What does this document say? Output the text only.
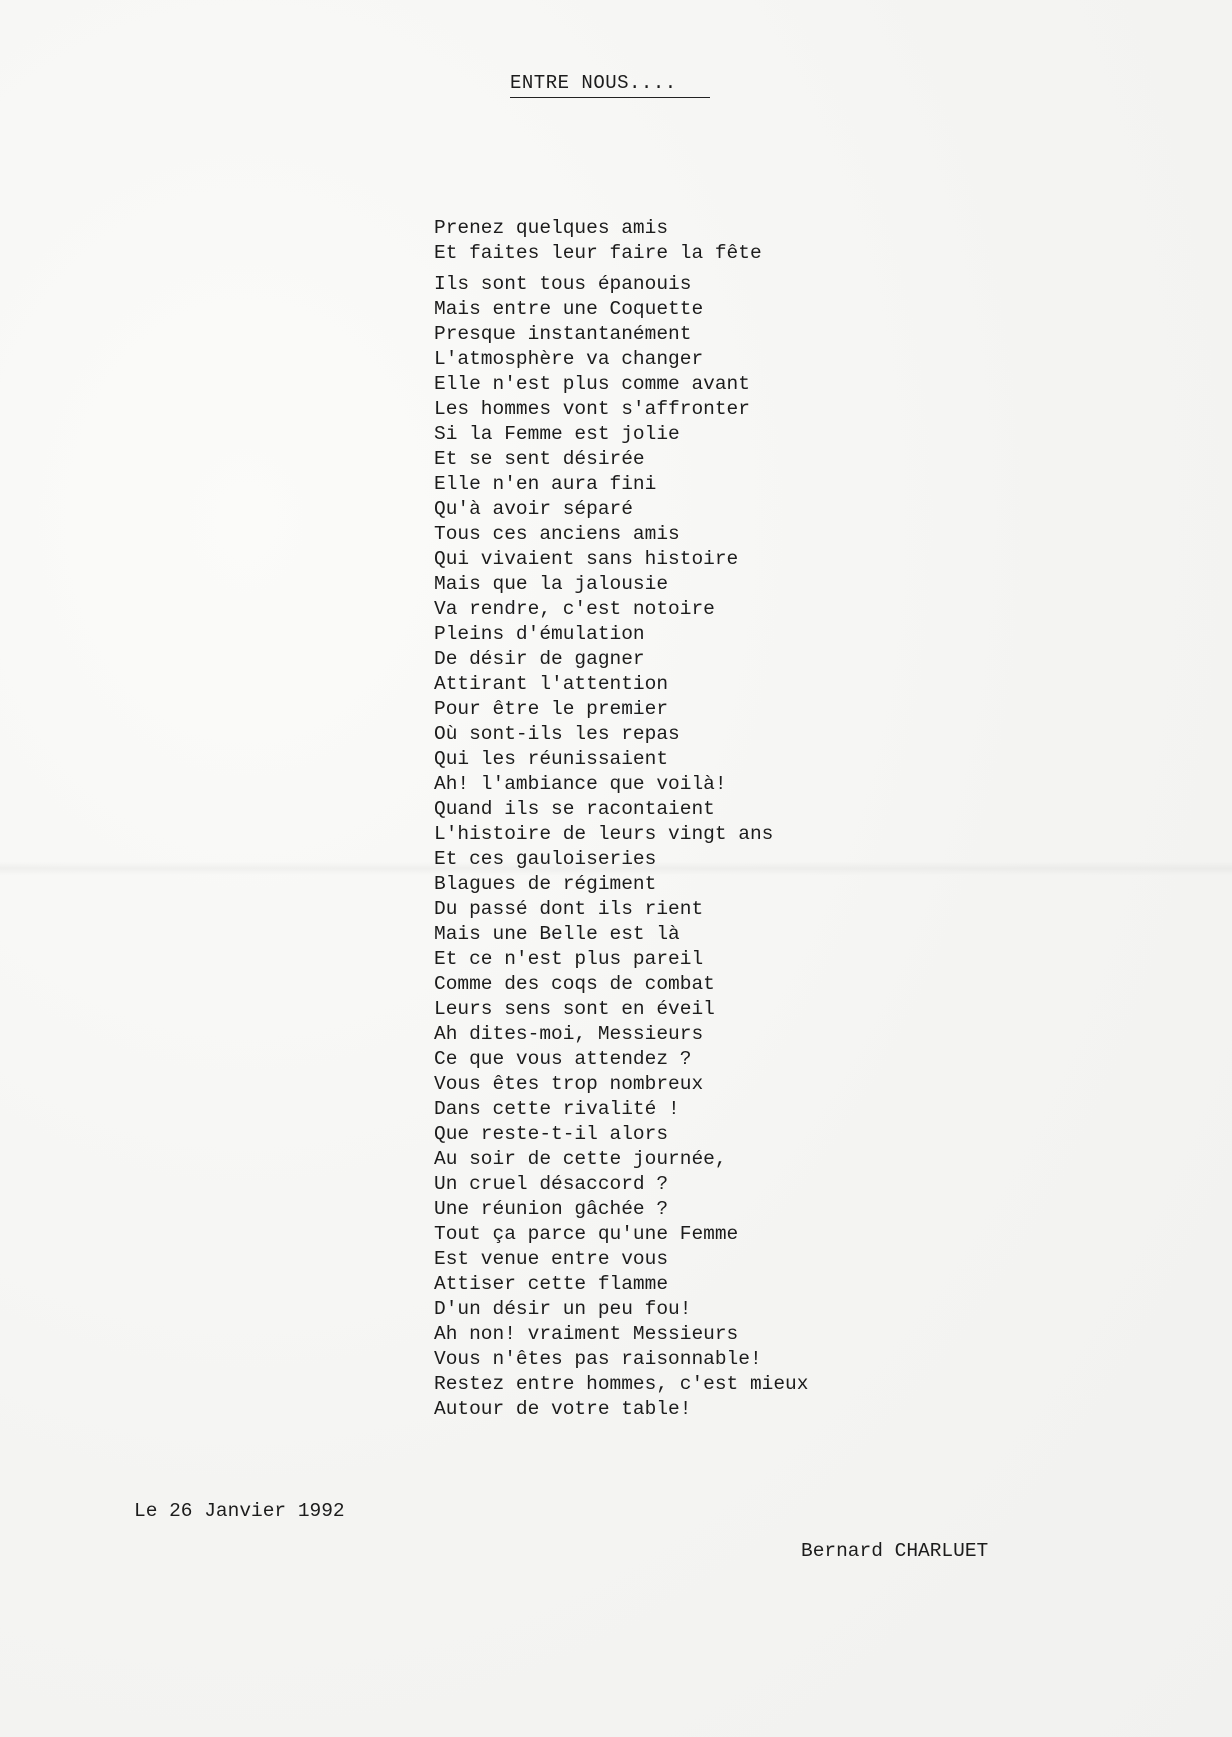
ENTRE NOUS....
Prenez quelques amis
Et faites leur faire la fête
Ils sont tous épanouis
Mais entre une Coquette
Presque instantanément
L'atmosphère va changer
Elle n'est plus comme avant
Les hommes vont s'affronter
Si la Femme est jolie
Et se sent désirée
Elle n'en aura fini
Qu'à avoir séparé
Tous ces anciens amis
Qui vivaient sans histoire
Mais que la jalousie
Va rendre, c'est notoire
Pleins d'émulation
De désir de gagner
Attirant l'attention
Pour être le premier
Où sont-ils les repas
Qui les réunissaient
Ah! l'ambiance que voilà!
Quand ils se racontaient
L'histoire de leurs vingt ans
Et ces gauloiseries
Blagues de régiment
Du passé dont ils rient
Mais une Belle est là
Et ce n'est plus pareil
Comme des coqs de combat
Leurs sens sont en éveil
Ah dites-moi, Messieurs
Ce que vous attendez ?
Vous êtes trop nombreux
Dans cette rivalité !
Que reste-t-il alors
Au soir de cette journée,
Un cruel désaccord ?
Une réunion gâchée ?
Tout ça parce qu'une Femme
Est venue entre vous
Attiser cette flamme
D'un désir un peu fou!
Ah non! vraiment Messieurs
Vous n'êtes pas raisonnable!
Restez entre hommes, c'est mieux
Autour de votre table!
Le 26 Janvier 1992
Bernard CHARLUET
